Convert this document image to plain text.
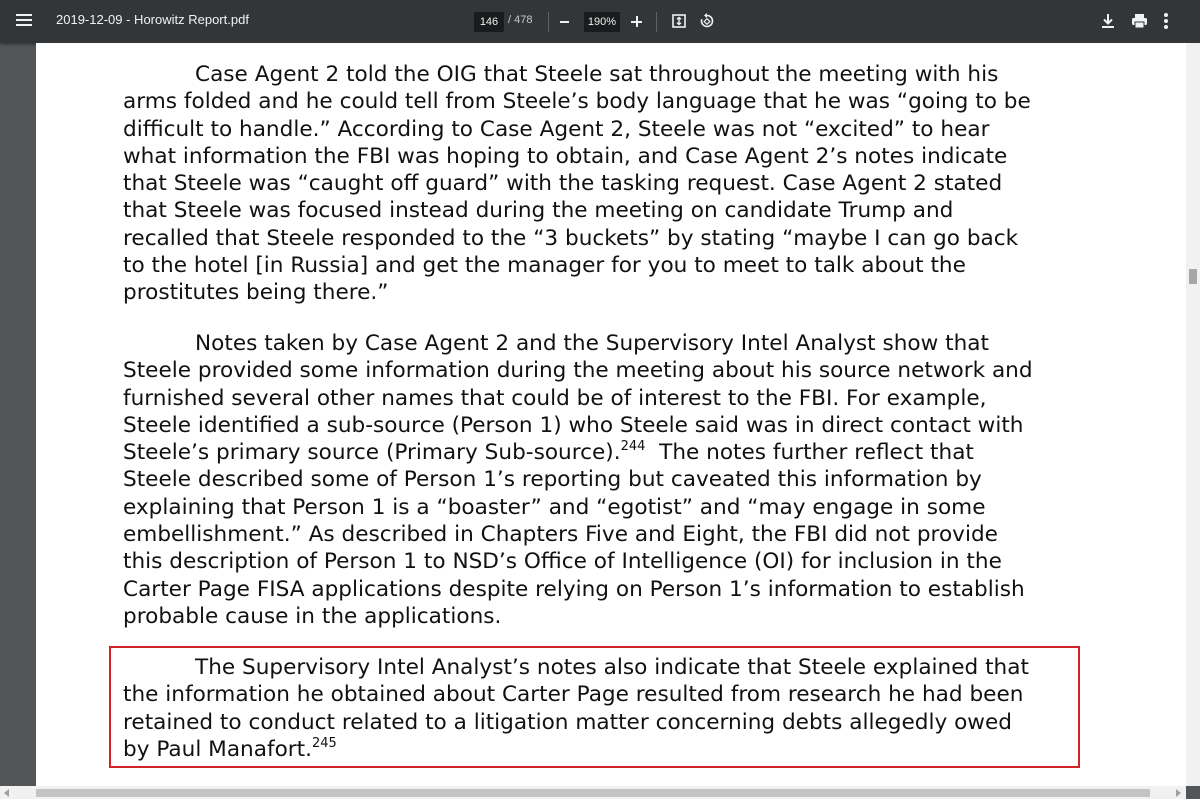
2019-12-09 - Horowitz Report.pdf	146 / 478	190%

Case Agent 2 told the OIG that Steele sat throughout the meeting with his
arms folded and he could tell from Steele’s body language that he was “going to be
difficult to handle.” According to Case Agent 2, Steele was not “excited” to hear
what information the FBI was hoping to obtain, and Case Agent 2’s notes indicate
that Steele was “caught off guard” with the tasking request. Case Agent 2 stated
that Steele was focused instead during the meeting on candidate Trump and
recalled that Steele responded to the “3 buckets” by stating “maybe I can go back
to the hotel [in Russia] and get the manager for you to meet to talk about the
prostitutes being there.”

Notes taken by Case Agent 2 and the Supervisory Intel Analyst show that
Steele provided some information during the meeting about his source network and
furnished several other names that could be of interest to the FBI. For example,
Steele identified a sub-source (Person 1) who Steele said was in direct contact with
Steele’s primary source (Primary Sub-source).$^{244}$  The notes further reflect that
Steele described some of Person 1’s reporting but caveated this information by
explaining that Person 1 is a “boaster” and “egotist” and “may engage in some
embellishment.” As described in Chapters Five and Eight, the FBI did not provide
this description of Person 1 to NSD’s Office of Intelligence (OI) for inclusion in the
Carter Page FISA applications despite relying on Person 1’s information to establish
probable cause in the applications.

The Supervisory Intel Analyst’s notes also indicate that Steele explained that
the information he obtained about Carter Page resulted from research he had been
retained to conduct related to a litigation matter concerning debts allegedly owed
by Paul Manafort.$^{245}$
